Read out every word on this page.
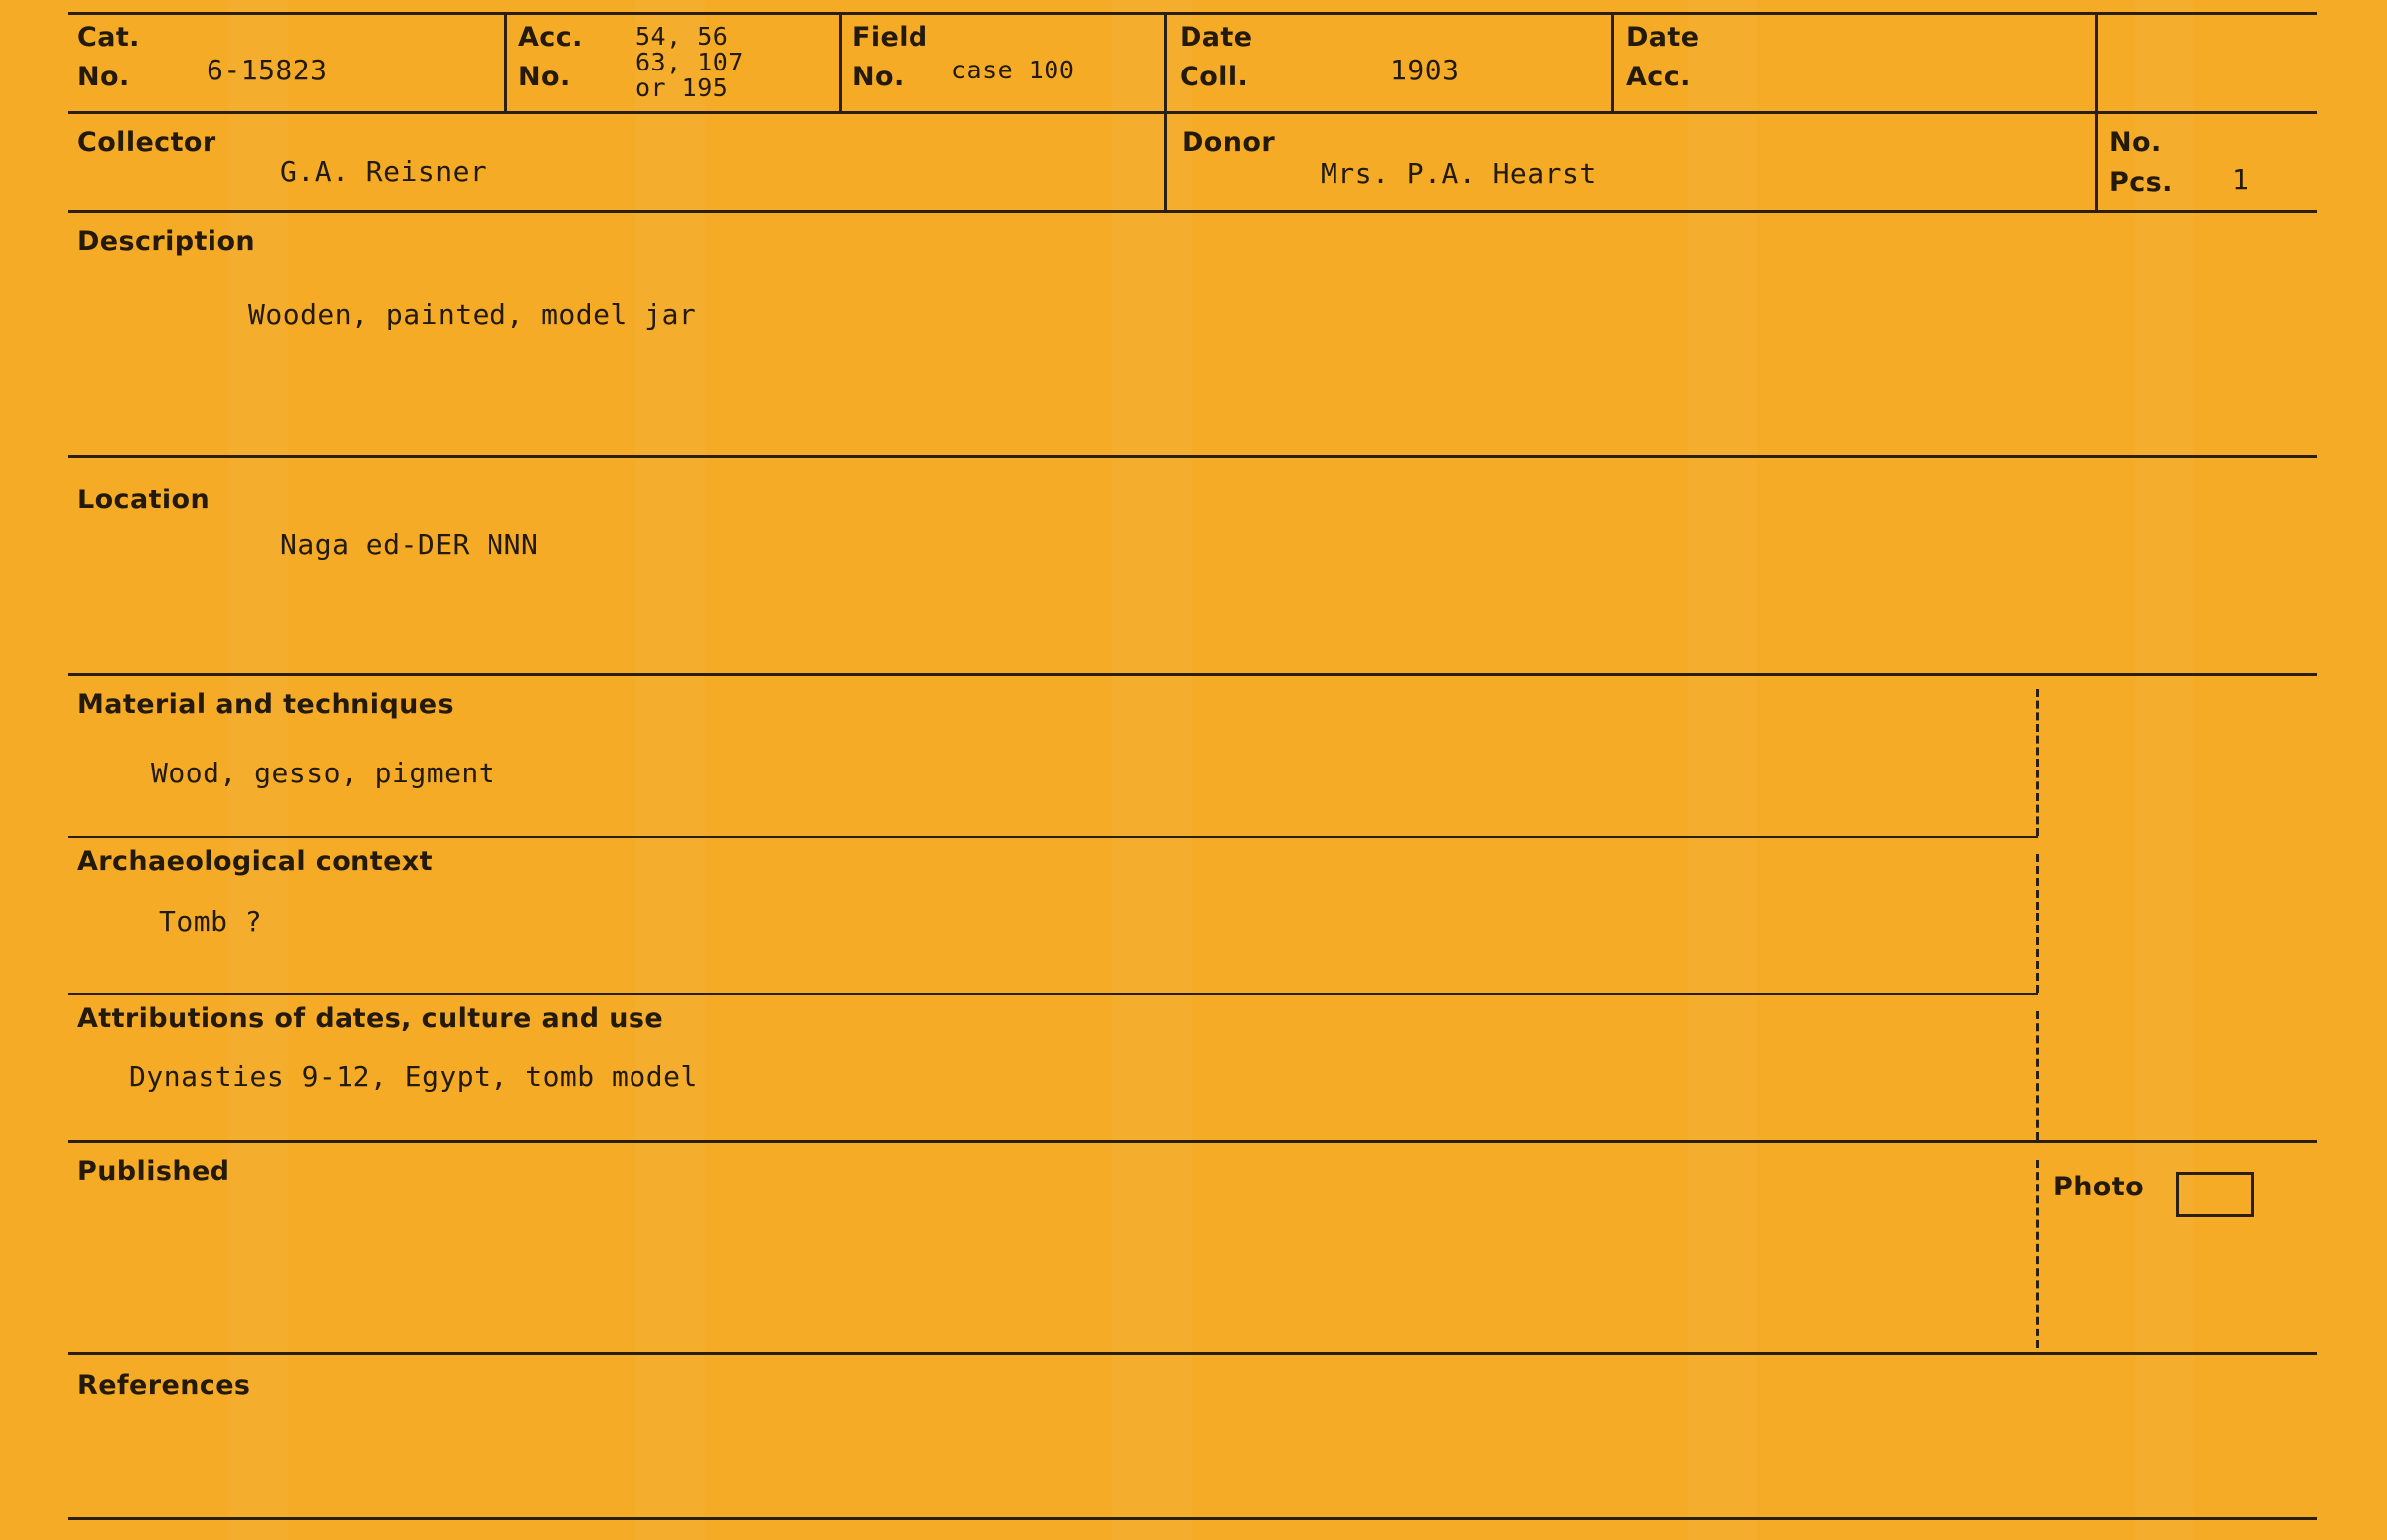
Cat.
No.	6-15823
Acc.
No.
54, 56
63, 107
or 195
Field
No. case 100
Date
Coll.	1903
Date
Acc.
Collector
G.A. Reisner
Donor
Mrs. P.A. Hearst
No.
Pcs. 1
Description
Wooden, painted, model jar
Location
Naga ed-DER NNN
Material and techniques
Wood, gesso, pigment
Archaeological context
Tomb ?
Attributions of dates, culture and use
Dynasties 9-12, Egypt, tomb model
Published
Photo
References
